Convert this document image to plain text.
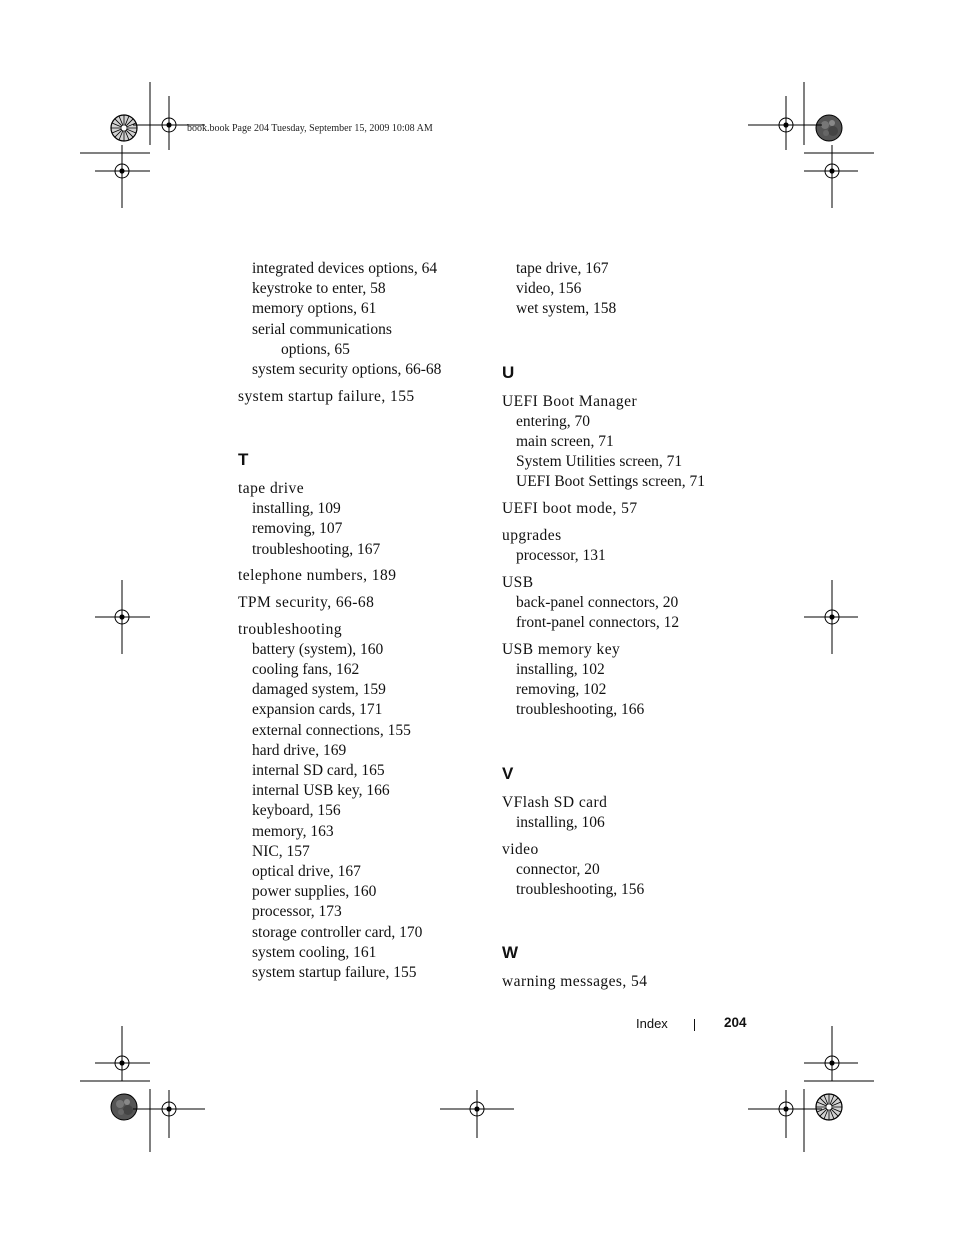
book.book Page 204 Tuesday, September 15, 2009 10:08 AM
integrated devices options, 64
keystroke to enter, 58
memory options, 61
serial communications
options, 65
system security options, 66-68
system startup failure, 155
T
tape drive
installing, 109
removing, 107
troubleshooting, 167
telephone numbers, 189
TPM security, 66-68
troubleshooting
battery (system), 160
cooling fans, 162
damaged system, 159
expansion cards, 171
external connections, 155
hard drive, 169
internal SD card, 165
internal USB key, 166
keyboard, 156
memory, 163
NIC, 157
optical drive, 167
power supplies, 160
processor, 173
storage controller card, 170
system cooling, 161
system startup failure, 155
tape drive, 167
video, 156
wet system, 158
U
UEFI Boot Manager
entering, 70
main screen, 71
System Utilities screen, 71
UEFI Boot Settings screen, 71
UEFI boot mode, 57
upgrades
processor, 131
USB
back-panel connectors, 20
front-panel connectors, 12
USB memory key
installing, 102
removing, 102
troubleshooting, 166
V
VFlash SD card
installing, 106
video
connector, 20
troubleshooting, 156
W
warning messages, 54
Index	204
